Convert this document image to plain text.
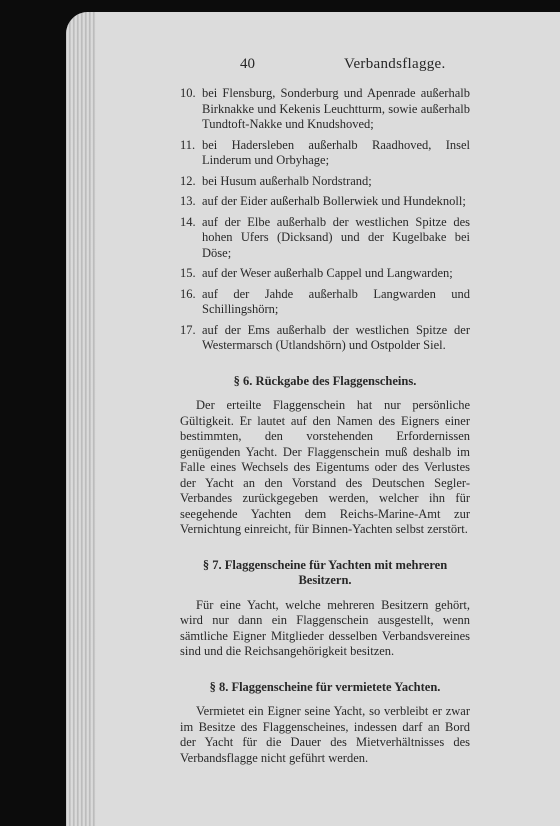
40	Verbandsflagge.
10. bei Flensburg, Sonderburg und Apenrade außerhalb Birknakke und Kekenis Leuchtturm, sowie außerhalb Tundtoft-Nakke und Knudshoved;
11. bei Hadersleben außerhalb Raadhoved, Insel Linderum und Orbyhage;
12. bei Husum außerhalb Nordstrand;
13. auf der Eider außerhalb Bollerwiek und Hundeknoll;
14. auf der Elbe außerhalb der westlichen Spitze des hohen Ufers (Dicksand) und der Kugelbake bei Döse;
15. auf der Weser außerhalb Cappel und Langwarden;
16. auf der Jahde außerhalb Langwarden und Schillingshörn;
17. auf der Ems außerhalb der westlichen Spitze der Westermarsch (Utlandshörn) und Ostpolder Siel.
§ 6. Rückgabe des Flaggenscheins.

Der erteilte Flaggenschein hat nur persönliche Gültigkeit. Er lautet auf den Namen des Eigners einer bestimmten, den vorstehenden Erfordernissen genügenden Yacht. Der Flaggenschein muß deshalb im Falle eines Wechsels des Eigentums oder des Verlustes der Yacht an den Vorstand des Deutschen Segler-Verbandes zurückgegeben werden, welcher ihn für seegehende Yachten dem Reichs-Marine-Amt zur Vernichtung einreicht, für Binnen-Yachten selbst zerstört.

§ 7. Flaggenscheine für Yachten mit mehreren Besitzern.

Für eine Yacht, welche mehreren Besitzern gehört, wird nur dann ein Flaggenschein ausgestellt, wenn sämtliche Eigner Mitglieder desselben Verbandsvereines sind und die Reichsangehörigkeit besitzen.

§ 8. Flaggenscheine für vermietete Yachten.

Vermietet ein Eigner seine Yacht, so verbleibt er zwar im Besitze des Flaggenscheines, indessen darf an Bord der Yacht für die Dauer des Mietverhältnisses des Verbandsflagge nicht geführt werden.
